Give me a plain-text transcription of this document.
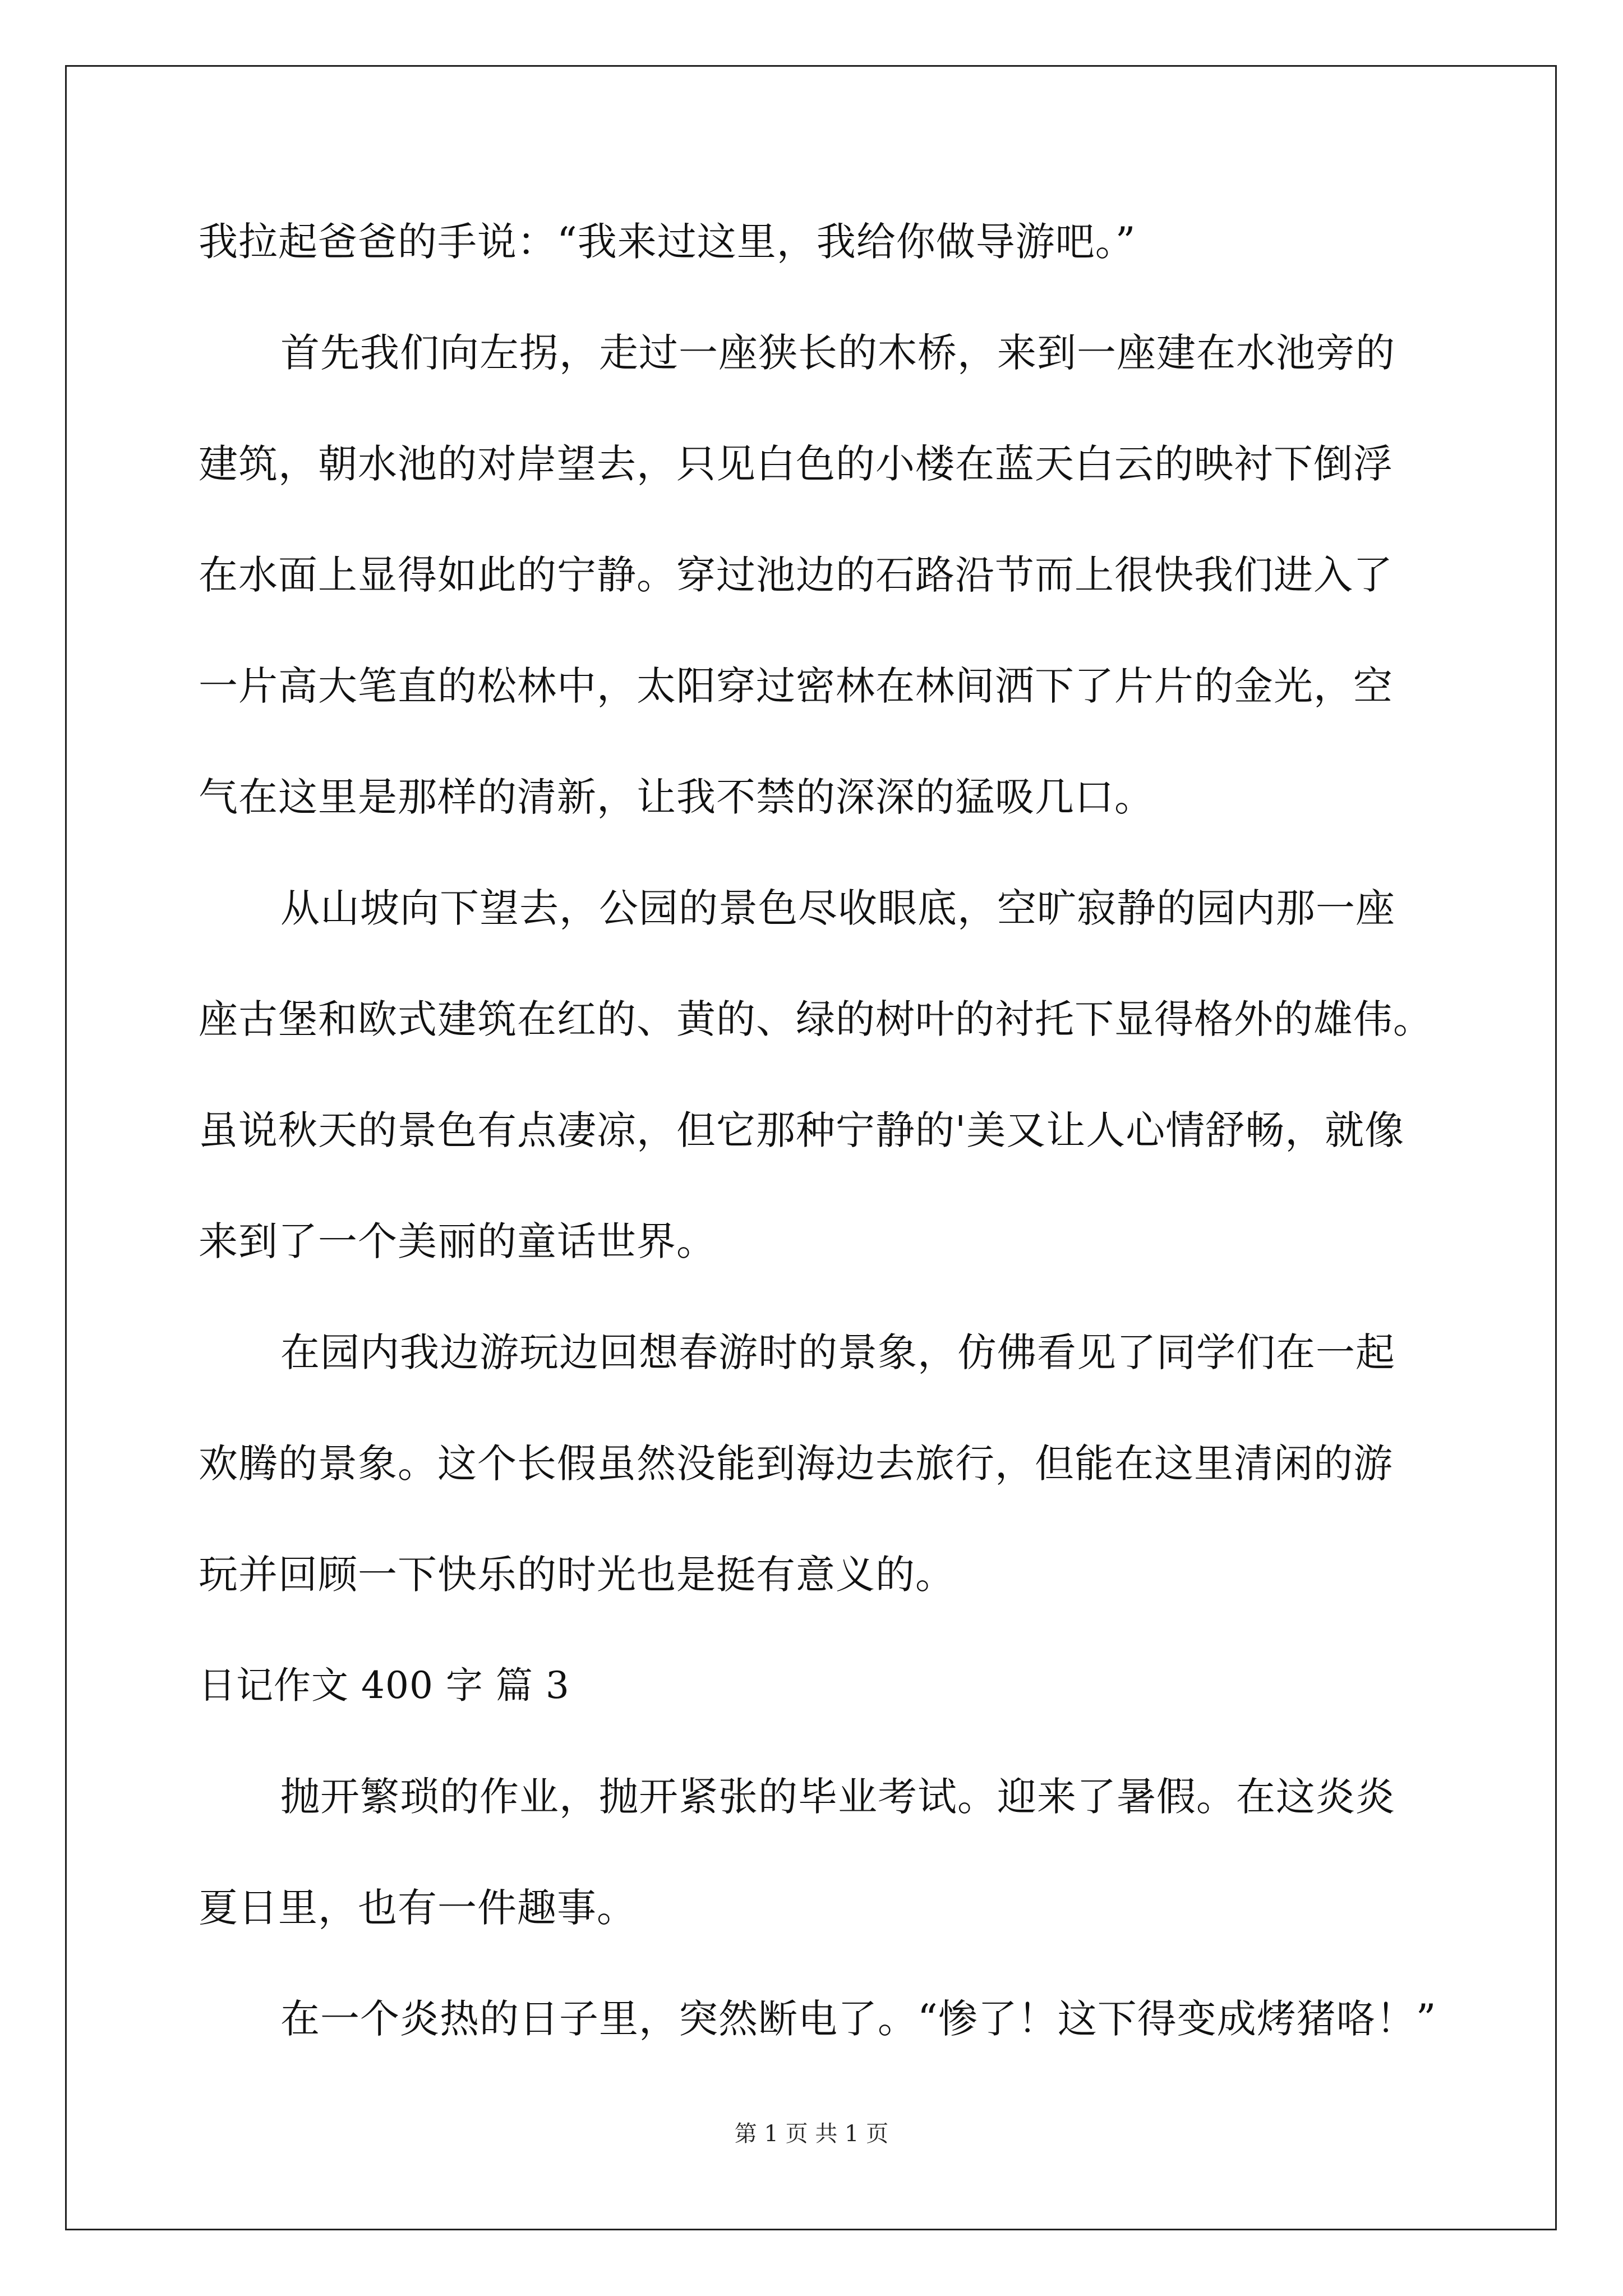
我拉起爸爸的手说：“我来过这里，我给你做导游吧。”
首先我们向左拐，走过一座狭长的木桥，来到一座建在水池旁的
建筑，朝水池的对岸望去，只见白色的小楼在蓝天白云的映衬下倒浮
在水面上显得如此的宁静。穿过池边的石路沿节而上很快我们进入了
一片高大笔直的松林中，太阳穿过密林在林间洒下了片片的金光，空
气在这里是那样的清新，让我不禁的深深的猛吸几口。
从山坡向下望去，公园的景色尽收眼底，空旷寂静的园内那一座
座古堡和欧式建筑在红的、黄的、绿的树叶的衬托下显得格外的雄伟。
虽说秋天的景色有点凄凉，但它那种宁静的'美又让人心情舒畅，就像
来到了一个美丽的童话世界。
在园内我边游玩边回想春游时的景象，仿佛看见了同学们在一起
欢腾的景象。这个长假虽然没能到海边去旅行，但能在这里清闲的游
玩并回顾一下快乐的时光也是挺有意义的。
日记作文 400 字 篇 3
抛开繁琐的作业，抛开紧张的毕业考试。迎来了暑假。在这炎炎
夏日里，也有一件趣事。
在一个炎热的日子里，突然断电了。“惨了！这下得变成烤猪咯！”
第 1 页 共 1 页
